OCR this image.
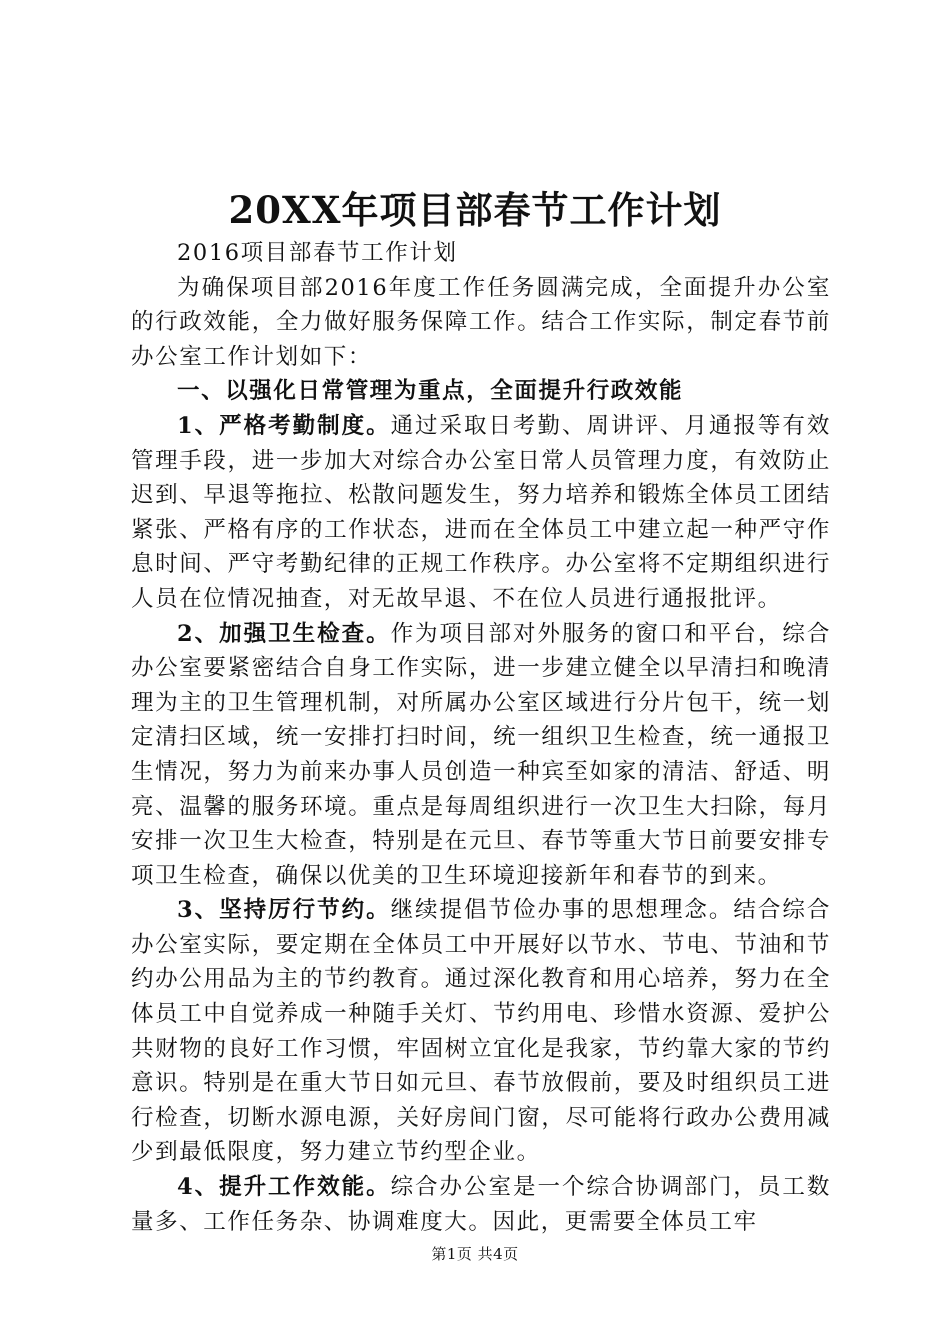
20XX年项目部春节工作计划

2016项目部春节工作计划

为确保项目部2016年度工作任务圆满完成，全面提升办公室的行政效能，全力做好服务保障工作。结合工作实际，制定春节前办公室工作计划如下：

一、以强化日常管理为重点，全面提升行政效能

1、严格考勤制度。通过采取日考勤、周讲评、月通报等有效管理手段，进一步加大对综合办公室日常人员管理力度，有效防止迟到、早退等拖拉、松散问题发生，努力培养和锻炼全体员工团结紧张、严格有序的工作状态，进而在全体员工中建立起一种严守作息时间、严守考勤纪律的正规工作秩序。办公室将不定期组织进行人员在位情况抽查，对无故早退、不在位人员进行通报批评。

2、加强卫生检查。作为项目部对外服务的窗口和平台，综合办公室要紧密结合自身工作实际，进一步建立健全以早清扫和晚清理为主的卫生管理机制，对所属办公室区域进行分片包干，统一划定清扫区域，统一安排打扫时间，统一组织卫生检查，统一通报卫生情况，努力为前来办事人员创造一种宾至如家的清洁、舒适、明亮、温馨的服务环境。重点是每周组织进行一次卫生大扫除，每月安排一次卫生大检查，特别是在元旦、春节等重大节日前要安排专项卫生检查，确保以优美的卫生环境迎接新年和春节的到来。

3、坚持厉行节约。继续提倡节俭办事的思想理念。结合综合办公室实际，要定期在全体员工中开展好以节水、节电、节油和节约办公用品为主的节约教育。通过深化教育和用心培养，努力在全体员工中自觉养成一种随手关灯、节约用电、珍惜水资源、爱护公共财物的良好工作习惯，牢固树立宜化是我家，节约靠大家的节约意识。特别是在重大节日如元旦、春节放假前，要及时组织员工进行检查，切断水源电源，关好房间门窗，尽可能将行政办公费用减少到最低限度，努力建立节约型企业。

4、提升工作效能。综合办公室是一个综合协调部门，员工数量多、工作任务杂、协调难度大。因此，更需要全体员工牢

第1页 共4页
